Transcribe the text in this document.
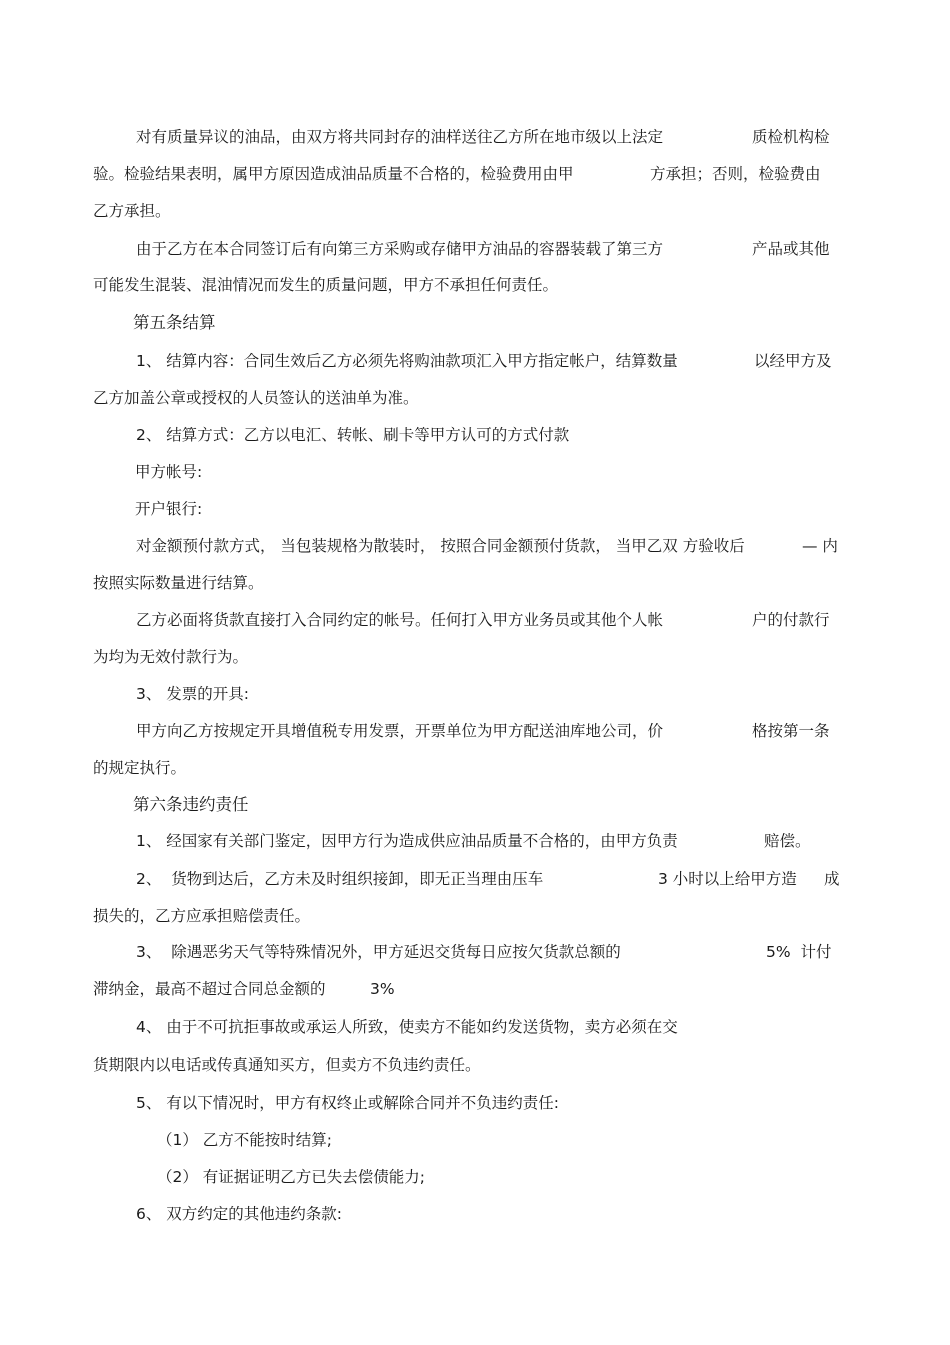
对有质量异议的油品，由双方将共同封存的油样送往乙方所在地市级以上法定	质检机构检
验。检验结果表明，属甲方原因造成油品质量不合格的，检验费用由甲	方承担；否则，检验费由
乙方承担。
由于乙方在本合同签订后有向第三方采购或存储甲方油品的容器装载了第三方	产品或其他
可能发生混装、混油情况而发生的质量问题，甲方不承担任何责任。
第五条结算
1、 结算内容：合同生效后乙方必须先将购油款项汇入甲方指定帐户，结算数量	以经甲方及
乙方加盖公章或授权的人员签认的送油单为准。
2、 结算方式：乙方以电汇、转帐、刷卡等甲方认可的方式付款
甲方帐号:
开户银行:
对金额预付款方式， 当包装规格为散装时， 按照合同金额预付货款， 当甲乙双 方验收后	— 内
按照实际数量进行结算。
乙方必面将货款直接打入合同约定的帐号。任何打入甲方业务员或其他个人帐	户的付款行
为均为无效付款行为。
3、 发票的开具:
甲方向乙方按规定开具增值税专用发票，开票单位为甲方配送油库地公司，价	格按第一条
的规定执行。
第六条违约责任
1、 经国家有关部门鉴定，因甲方行为造成供应油品质量不合格的，由甲方负责	赔偿。
2、  货物到达后，乙方未及时组织接卸，即无正当理由压车	3 小时以上给甲方造 成
损失的，乙方应承担赔偿责任。
3、  除遇恶劣天气等特殊情况外，甲方延迟交货每日应按欠货款总额的	5%  计付
滞纳金，最高不超过合同总金额的	3%
4、 由于不可抗拒事故或承运人所致，使卖方不能如约发送货物，卖方必须在交
货期限内以电话或传真通知买方，但卖方不负违约责任。
5、 有以下情况时，甲方有权终止或解除合同并不负违约责任:
（1） 乙方不能按时结算;
（2） 有证据证明乙方已失去偿债能力;
6、 双方约定的其他违约条款:
